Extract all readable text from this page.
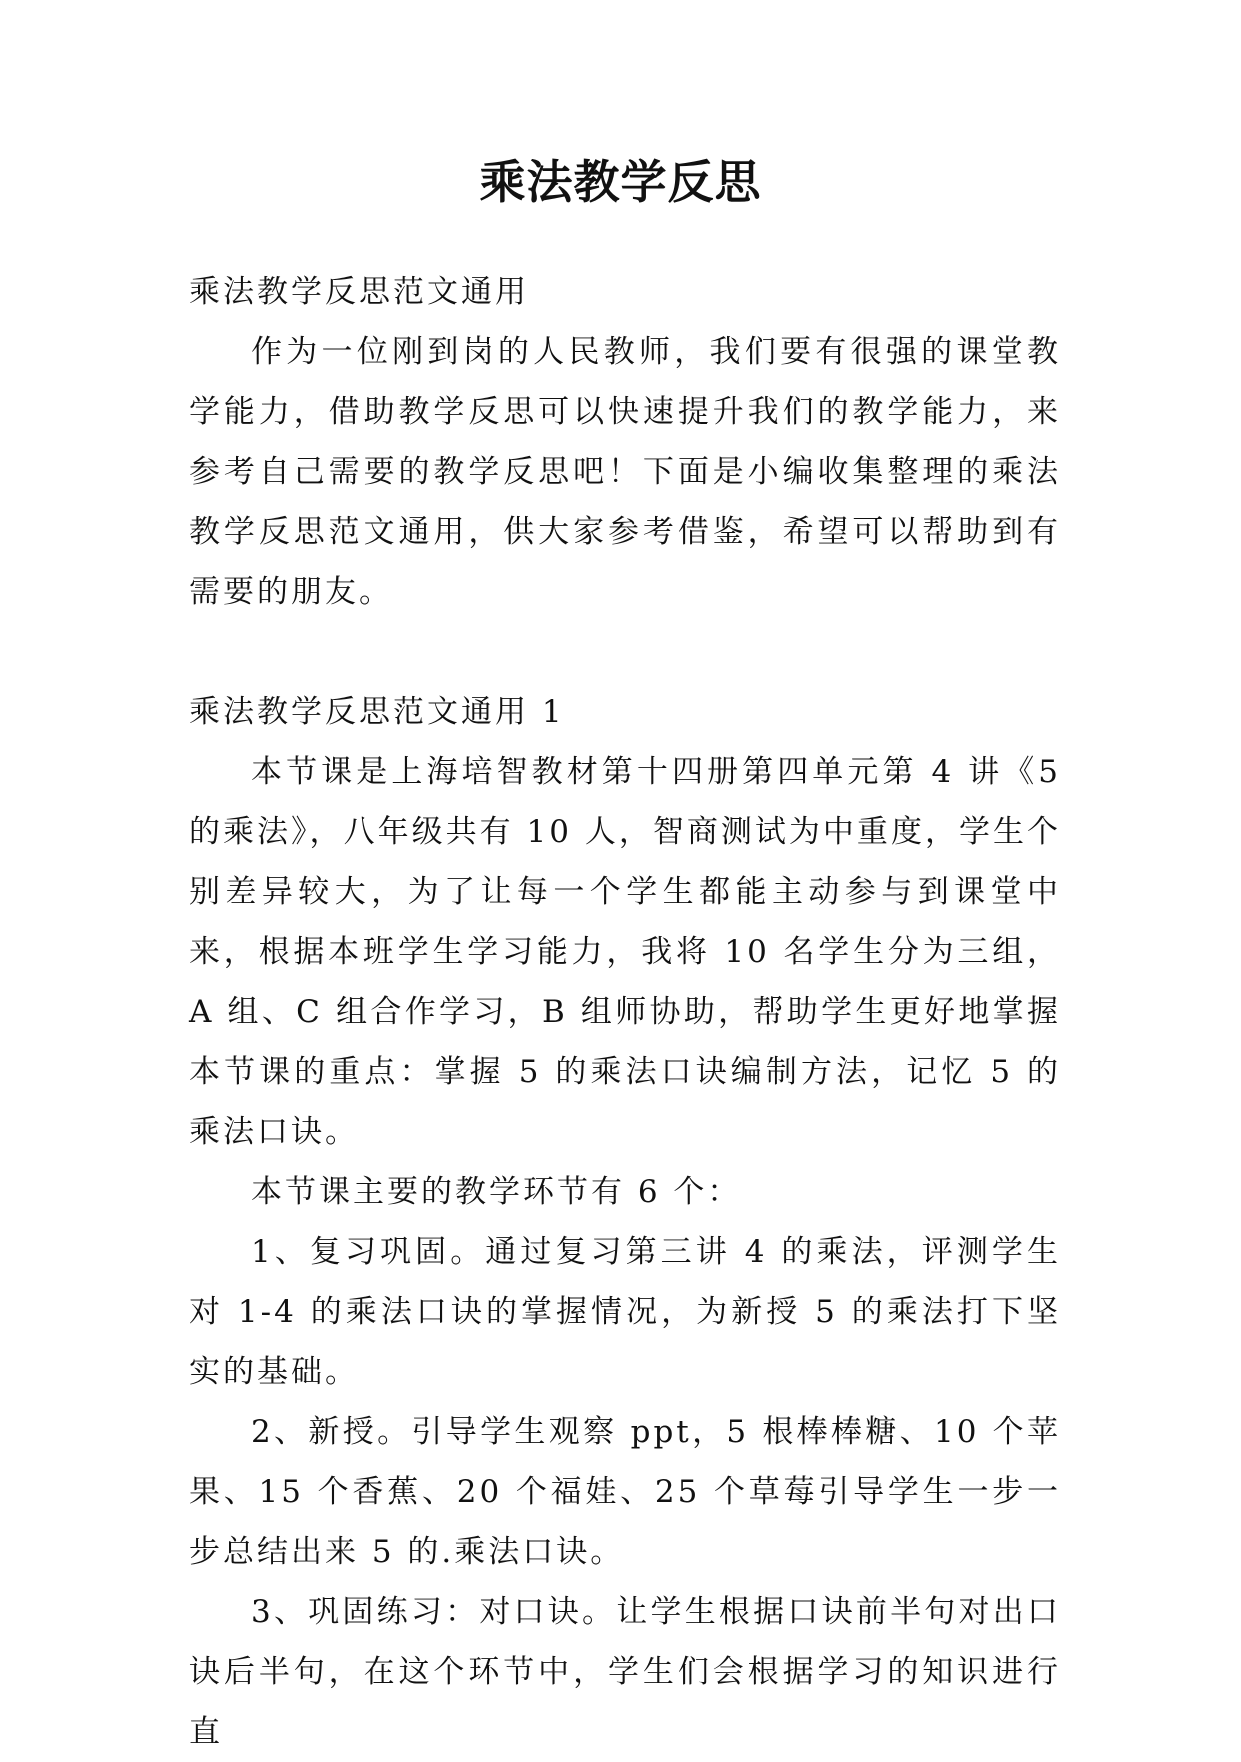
乘法教学反思

乘法教学反思范文通用

作为一位刚到岗的人民教师，我们要有很强的课堂教学能力，借助教学反思可以快速提升我们的教学能力，来参考自己需要的教学反思吧！下面是小编收集整理的乘法教学反思范文通用，供大家参考借鉴，希望可以帮助到有需要的朋友。

乘法教学反思范文通用 1

本节课是上海培智教材第十四册第四单元第 4 讲《5 的乘法》，八年级共有 10 人，智商测试为中重度，学生个别差异较大，为了让每一个学生都能主动参与到课堂中来，根据本班学生学习能力，我将 10 名学生分为三组，A 组、C 组合作学习，B 组师协助，帮助学生更好地掌握本节课的重点：掌握 5 的乘法口诀编制方法，记忆 5 的乘法口诀。

本节课主要的教学环节有 6 个：

1、复习巩固。通过复习第三讲 4 的乘法，评测学生对 1-4 的乘法口诀的掌握情况，为新授 5 的乘法打下坚实的基础。

2、新授。引导学生观察 ppt，5 根棒棒糖、10 个苹果、15 个香蕉、20 个福娃、25 个草莓引导学生一步一步总结出来 5 的.乘法口诀。

3、巩固练习：对口诀。让学生根据口诀前半句对出口诀后半句，在这个环节中，学生们会根据学习的知识进行直
